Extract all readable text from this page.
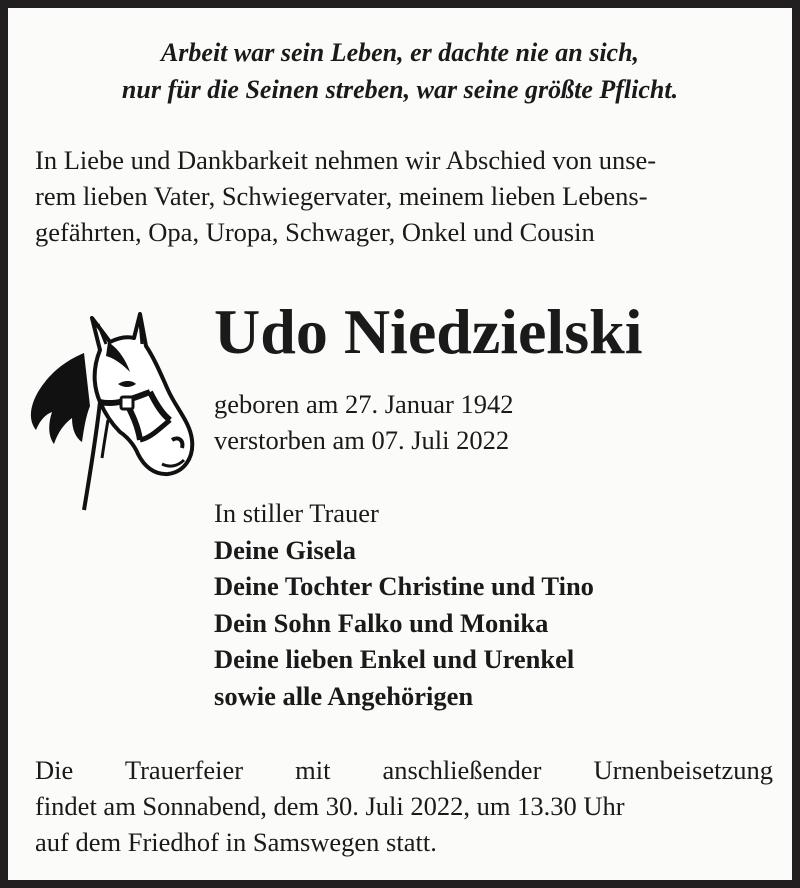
Arbeit war sein Leben, er dachte nie an sich,
nur für die Seinen streben, war seine größte Pflicht.
In Liebe und Dankbarkeit nehmen wir Abschied von unse-
rem lieben Vater, Schwiegervater, meinem lieben Lebens-
gefährten, Opa, Uropa, Schwager, Onkel und Cousin
Udo Niedzielski
geboren am 27. Januar 1942
verstorben am 07. Juli 2022
In stiller Trauer
Deine Gisela
Deine Tochter Christine und Tino
Dein Sohn Falko und Monika
Deine lieben Enkel und Urenkel
sowie alle Angehörigen
Die Trauerfeier mit anschließender Urnenbeisetzung
findet am Sonnabend, dem 30. Juli 2022, um 13.30 Uhr
auf dem Friedhof in Samswegen statt.
